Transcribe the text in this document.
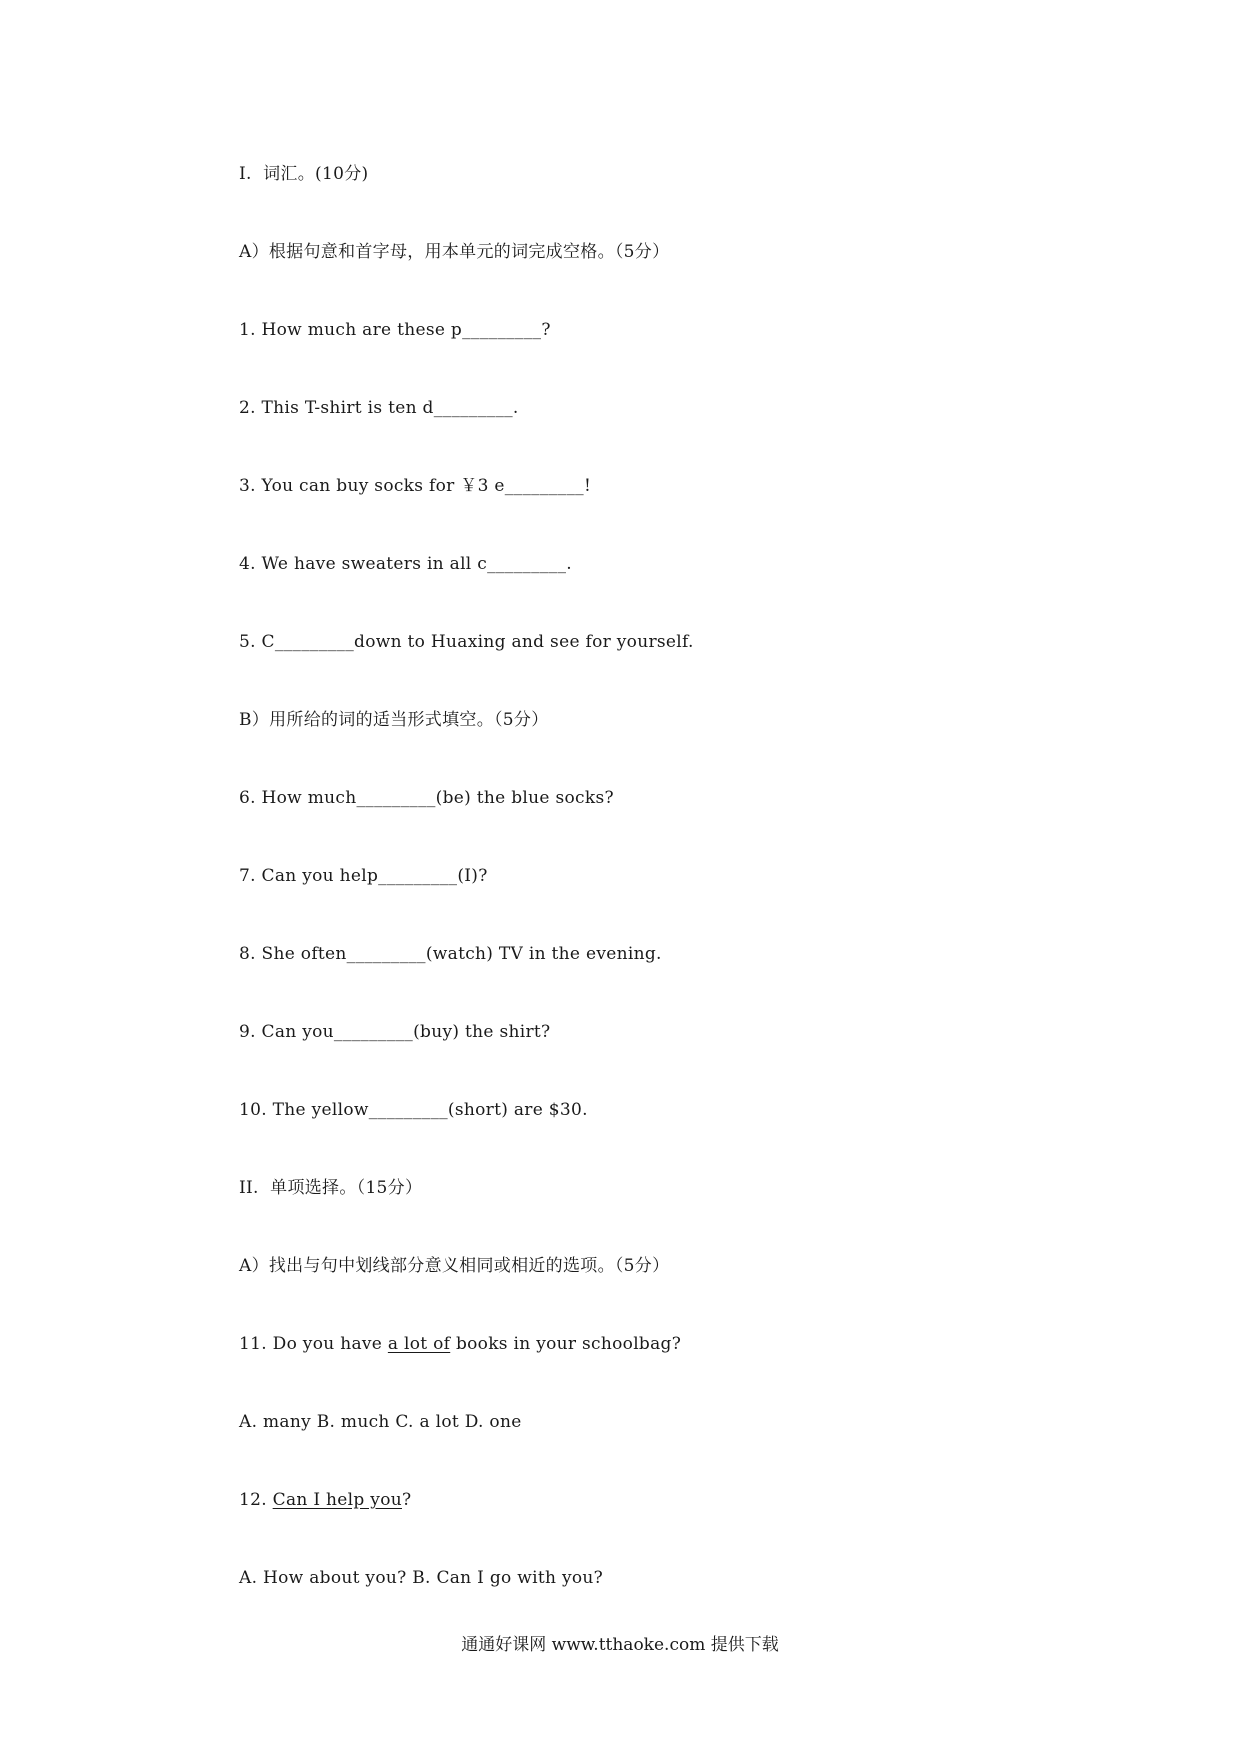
I.  词汇。(10分)
A）根据句意和首字母，用本单元的词完成空格。（5分）
1. How much are these p_________?
2. This T-shirt is ten d_________.
3. You can buy socks for ￥3 e_________!
4. We have sweaters in all c_________.
5. C_________down to Huaxing and see for yourself.
B）用所给的词的适当形式填空。（5分）
6. How much_________(be) the blue socks?
7. Can you help_________(I)?
8. She often_________(watch) TV in the evening.
9. Can you_________(buy) the shirt?
10. The yellow_________(short) are $30.
II.  单项选择。（15分）
A）找出与句中划线部分意义相同或相近的选项。（5分）
11. Do you have a lot of books in your schoolbag?
A. many B. much C. a lot D. one
12. Can I help you?
A. How about you? B. Can I go with you?
通通好课网 www.tthaoke.com 提供下载
